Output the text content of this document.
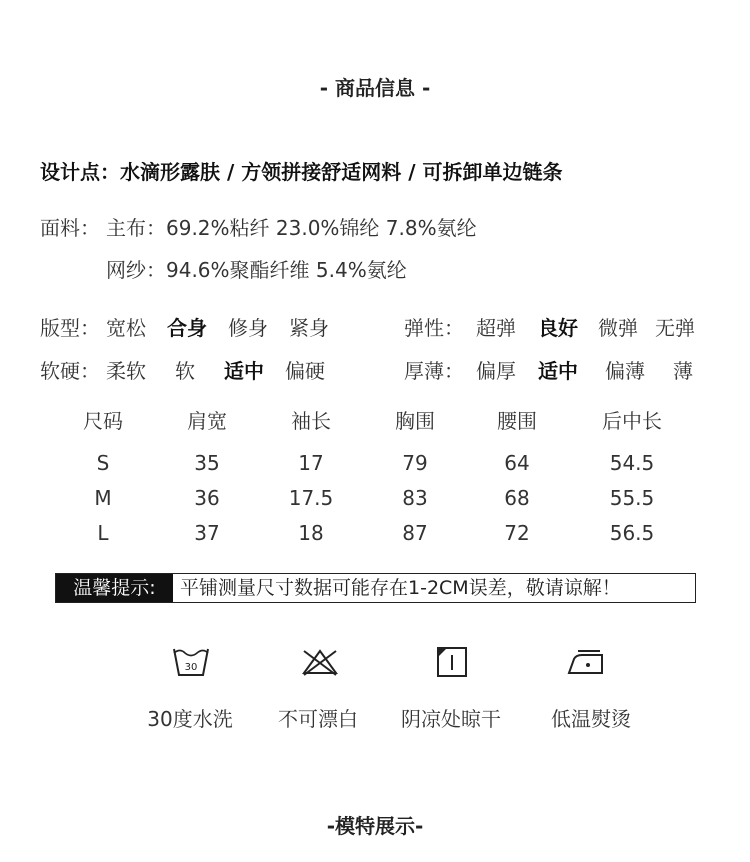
- 商品信息 -
设计点：水滴形露肤 / 方领拼接舒适网料 / 可拆卸单边链条
面料： 主布：69.2%粘纤 23.0%锦纶 7.8%氨纶
网纱：94.6%聚酯纤维 5.4%氨纶
版型： 宽松 合身 修身 紧身	弹性： 超弹 良好 微弹 无弹
软硬： 柔软 软 适中 偏硬	厚薄： 偏厚 适中 偏薄 薄
尺码	肩宽	袖长	胸围	腰围	后中长
S	35	17	79	64	54.5
M	36	17.5	83	68	55.5
L	37	18	87	72	56.5
温馨提示:	平铺测量尺寸数据可能存在1-2CM误差，敬请谅解！
30
30度水洗	不可漂白	阴凉处晾干	低温熨烫
-模特展示-
